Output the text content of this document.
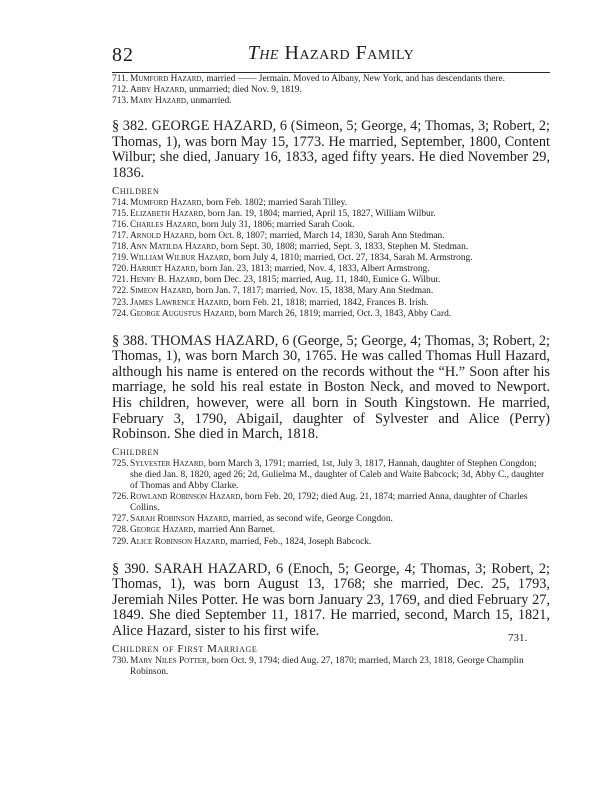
82	The Hazard Family

711. Mumford Hazard, married —— Jermain. Moved to Albany, New York, and has descendants there.

712. Abby Hazard, unmarried; died Nov. 9, 1819.

713. Mary Hazard, unmarried.

§ 382. GEORGE HAZARD, 6 (Simeon, 5; George, 4; Thomas, 3; Robert, 2; Thomas, 1), was born May 15, 1773. He married, September, 1800, Content Wilbur; she died, January 16, 1833, aged fifty years. He died November 29, 1836.

Children

714. Mumford Hazard, born Feb. 1802; married Sarah Tilley.

715. Elizabeth Hazard, born Jan. 19, 1804; married, April 15, 1827, William Wilbur.

716. Charles Hazard, born July 31, 1806; married Sarah Cook.

717. Arnold Hazard, born Oct. 8, 1807; married, March 14, 1830, Sarah Ann Stedman.

718. Ann Matilda Hazard, born Sept. 30, 1808; married, Sept. 3, 1833, Stephen M. Stedman.

719. William Wilbur Hazard, born July 4, 1810; married, Oct. 27, 1834, Sarah M. Armstrong.

720. Harriet Hazard, born Jan. 23, 1813; married, Nov. 4, 1833, Albert Armstrong.

721. Henry B. Hazard, born Dec. 23, 1815; married, Aug. 11, 1840, Eunice G. Wilbur.

722. Simeon Hazard, born Jan. 7, 1817; married, Nov. 15, 1838, Mary Ann Stedman.

723. James Lawrence Hazard, born Feb. 21, 1818; married, 1842, Frances B. Irish.

724. George Augustus Hazard, born March 26, 1819; married, Oct. 3, 1843, Abby Card.

§ 388. THOMAS HAZARD, 6 (George, 5; George, 4; Thomas, 3; Robert, 2; Thomas, 1), was born March 30, 1765. He was called Thomas Hull Hazard, although his name is entered on the records without the “H.” Soon after his marriage, he sold his real estate in Boston Neck, and moved to Newport. His children, however, were all born in South Kingstown. He married, February 3, 1790, Abigail, daughter of Sylvester and Alice (Perry) Robinson. She died in March, 1818.

Children

725. Sylvester Hazard, born March 3, 1791; married, 1st, July 3, 1817, Hannah, daughter of Stephen Congdon; she died Jan. 8, 1820, aged 26; 2d, Gulielma M., daughter of Caleb and Waite Babcock; 3d, Abby C., daughter of Thomas and Abby Clarke.

726. Rowland Robinson Hazard, born Feb. 20, 1792; died Aug. 21, 1874; married Anna, daughter of Charles Collins.

727. Sarah Robinson Hazard, married, as second wife, George Congdon.

728. George Hazard, married Ann Barnet.

729. Alice Robinson Hazard, married, Feb., 1824, Joseph Babcock.

§ 390. SARAH HAZARD, 6 (Enoch, 5; George, 4; Thomas, 3; Robert, 2; Thomas, 1), was born August 13, 1768; she married, Dec. 25, 1793, Jeremiah Niles Potter. He was born January 23, 1769, and died February 27, 1849. She died September 11, 1817. He married, second, March 15, 1821, Alice Hazard, sister to his first wife.

Children of First Marriage

730. Mary Niles Potter, born Oct. 9, 1794; died Aug. 27, 1870; married, March 23, 1818, George Champlin Robinson.

731.
